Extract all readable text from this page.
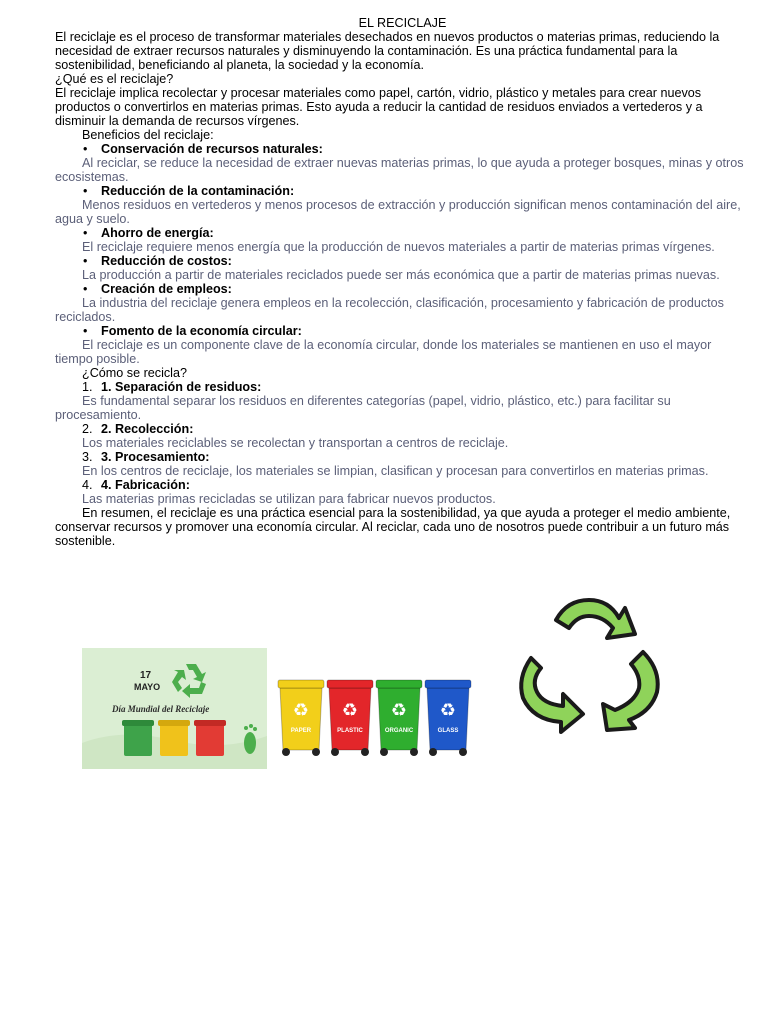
EL RECICLAJE
El reciclaje es el proceso de transformar materiales desechados en nuevos productos o materias primas, reduciendo la necesidad de extraer recursos naturales y disminuyendo la contaminación. Es una práctica fundamental para la sostenibilidad, beneficiando al planeta, la sociedad y la economía.
¿Qué es el reciclaje?
El reciclaje implica recolectar y procesar materiales como papel, cartón, vidrio, plástico y metales para crear nuevos productos o convertirlos en materias primas. Esto ayuda a reducir la cantidad de residuos enviados a vertederos y a disminuir la demanda de recursos vírgenes.
Beneficios del reciclaje:
•	Conservación de recursos naturales:
Al reciclar, se reduce la necesidad de extraer nuevas materias primas, lo que ayuda a proteger bosques, minas y otros ecosistemas.
•	Reducción de la contaminación:
Menos residuos en vertederos y menos procesos de extracción y producción significan menos contaminación del aire, agua y suelo.
•	Ahorro de energía:
El reciclaje requiere menos energía que la producción de nuevos materiales a partir de materias primas vírgenes.
•	Reducción de costos:
La producción a partir de materiales reciclados puede ser más económica que a partir de materias primas nuevas.
•	Creación de empleos:
La industria del reciclaje genera empleos en la recolección, clasificación, procesamiento y fabricación de productos reciclados.
•	Fomento de la economía circular:
El reciclaje es un componente clave de la economía circular, donde los materiales se mantienen en uso el mayor tiempo posible.
¿Cómo se recicla?
1. 1. Separación de residuos:
Es fundamental separar los residuos en diferentes categorías (papel, vidrio, plástico, etc.) para facilitar su procesamiento.
2. 2. Recolección:
Los materiales reciclables se recolectan y transportan a centros de reciclaje.
3. 3. Procesamiento:
En los centros de reciclaje, los materiales se limpian, clasifican y procesan para convertirlos en materias primas.
4. 4. Fabricación:
Las materias primas recicladas se utilizan para fabricar nuevos productos.
En resumen, el reciclaje es una práctica esencial para la sostenibilidad, ya que ayuda a proteger el medio ambiente, conservar recursos y promover una economía circular. Al reciclar, cada uno de nosotros puede contribuir a un futuro más sostenible.
17
MAYO
Día Mundial del Reciclaje	♻
PAPER
♻
PLASTIC
♻
ORGANIC
♻
GLASS
